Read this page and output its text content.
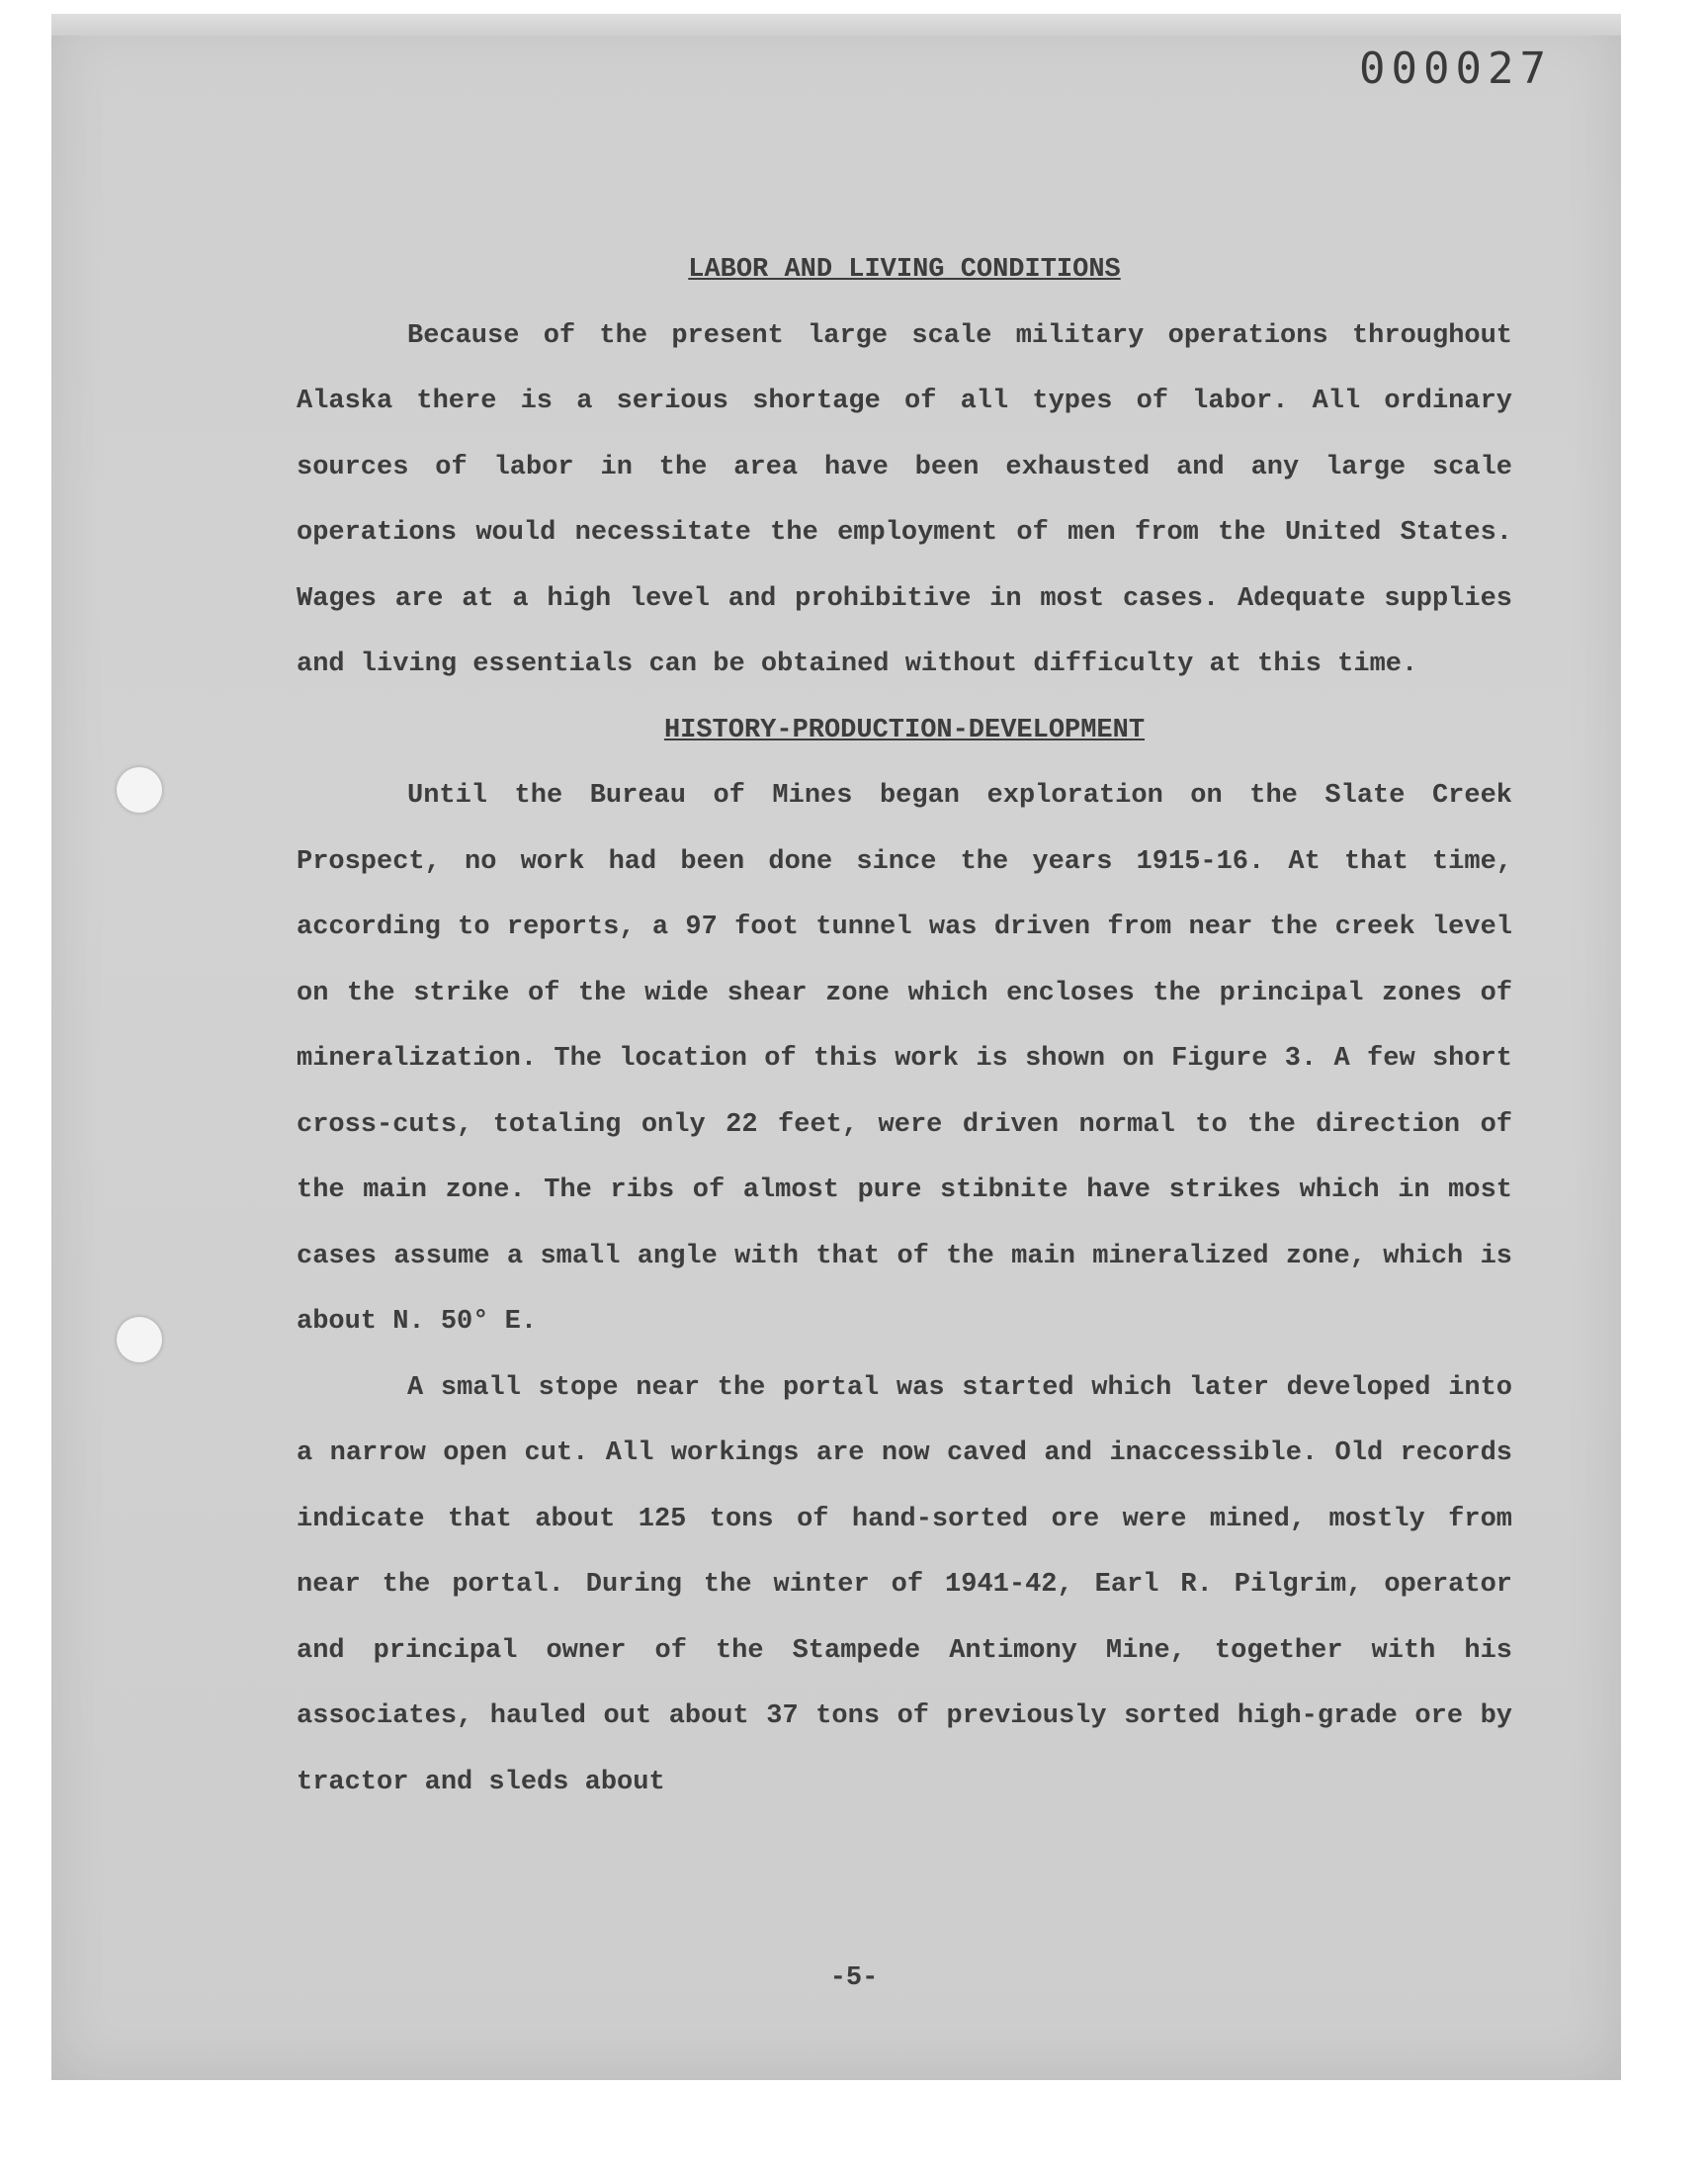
000027
LABOR AND LIVING CONDITIONS

Because of the present large scale military operations throughout Alaska there is a serious shortage of all types of labor. All ordinary sources of labor in the area have been exhausted and any large scale operations would necessitate the employment of men from the United States. Wages are at a high level and prohibitive in most cases. Adequate supplies and living essentials can be obtained without difficulty at this time.

HISTORY-PRODUCTION-DEVELOPMENT

Until the Bureau of Mines began exploration on the Slate Creek Prospect, no work had been done since the years 1915-16. At that time, according to reports, a 97 foot tunnel was driven from near the creek level on the strike of the wide shear zone which encloses the principal zones of mineralization. The location of this work is shown on Figure 3. A few short cross-cuts, totaling only 22 feet, were driven normal to the direction of the main zone. The ribs of almost pure stibnite have strikes which in most cases assume a small angle with that of the main mineralized zone, which is about N. 50° E.

A small stope near the portal was started which later developed into a narrow open cut. All workings are now caved and inaccessible. Old records indicate that about 125 tons of hand-sorted ore were mined, mostly from near the portal. During the winter of 1941-42, Earl R. Pilgrim, operator and principal owner of the Stampede Antimony Mine, together with his associates, hauled out about 37 tons of previously sorted high-grade ore by tractor and sleds about

-5-
